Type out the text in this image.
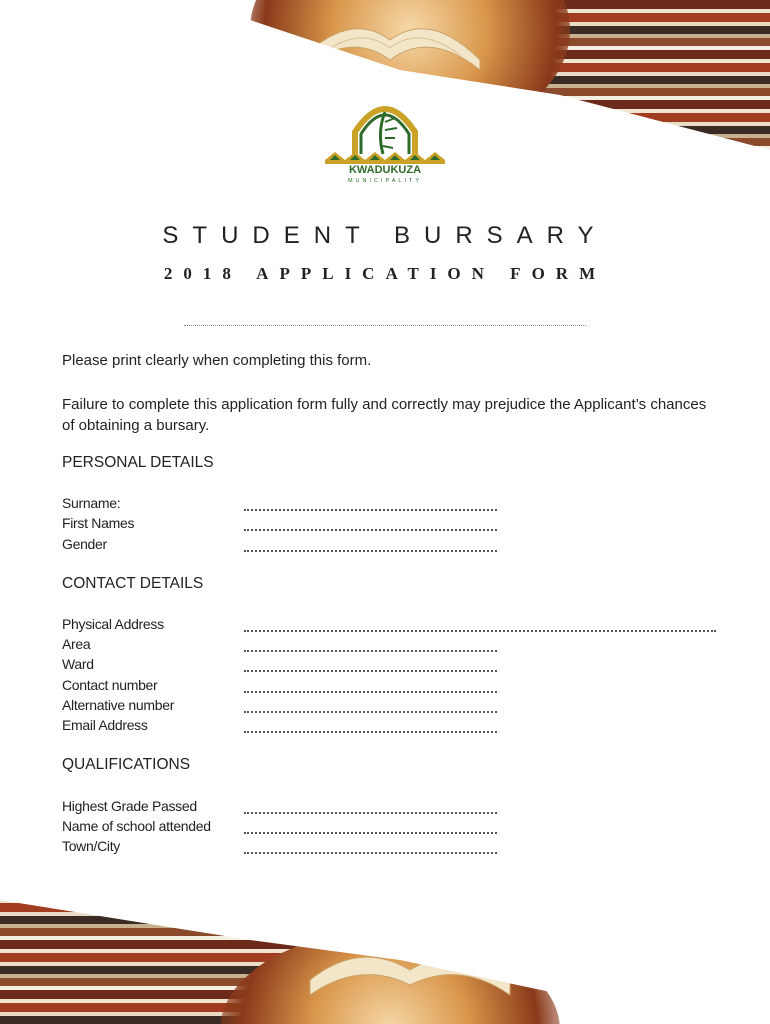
KWADUKUZA
MUNICIPALITY
STUDENT BURSARY
2018 APPLICATION FORM

Please print clearly when completing this form.

Failure to complete this application form fully and correctly may prejudice the Applicant’s chances of obtaining a bursary.

PERSONAL DETAILS
Surname:
First Names
Gender
CONTACT DETAILS
Physical Address
Area
Ward
Contact number
Alternative number
Email Address
QUALIFICATIONS
Highest Grade Passed
Name of school attended
Town/City
